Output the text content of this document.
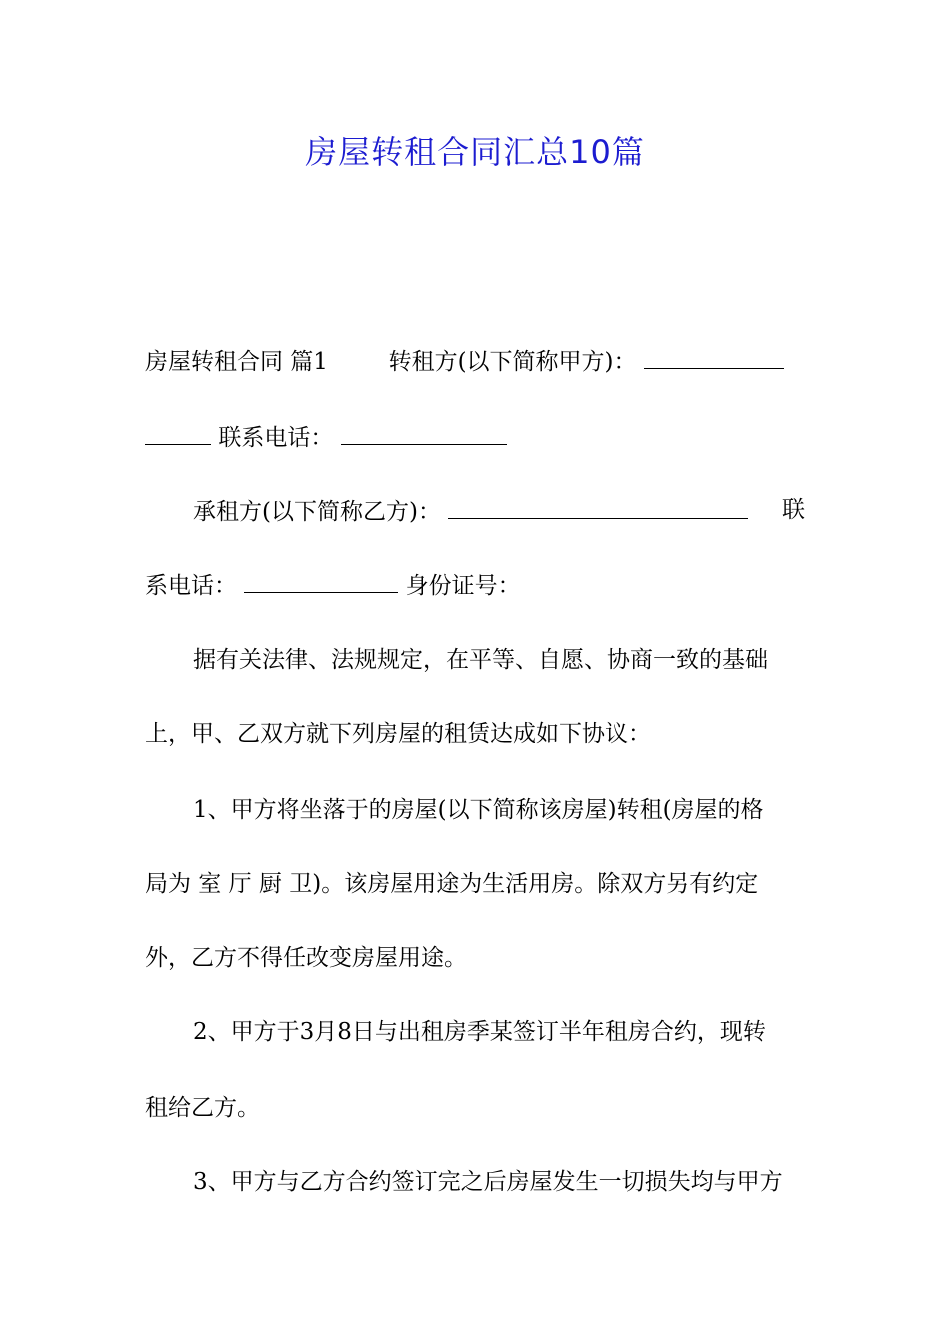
房屋转租合同汇总10篇
房屋转租合同 篇1	转租方(以下简称甲方)：
联系电话：
承租方(以下简称乙方)：	联
系电话：	身份证号：
据有关法律、法规规定，在平等、自愿、协商一致的基础
上，甲、乙双方就下列房屋的租赁达成如下协议：
1、甲方将坐落于的房屋(以下简称该房屋)转租(房屋的格
局为 室 厅 厨 卫)。该房屋用途为生活用房。除双方另有约定
外，乙方不得任改变房屋用途。
2、甲方于3月8日与出租房季某签订半年租房合约，现转
租给乙方。
3、甲方与乙方合约签订完之后房屋发生一切损失均与甲方
